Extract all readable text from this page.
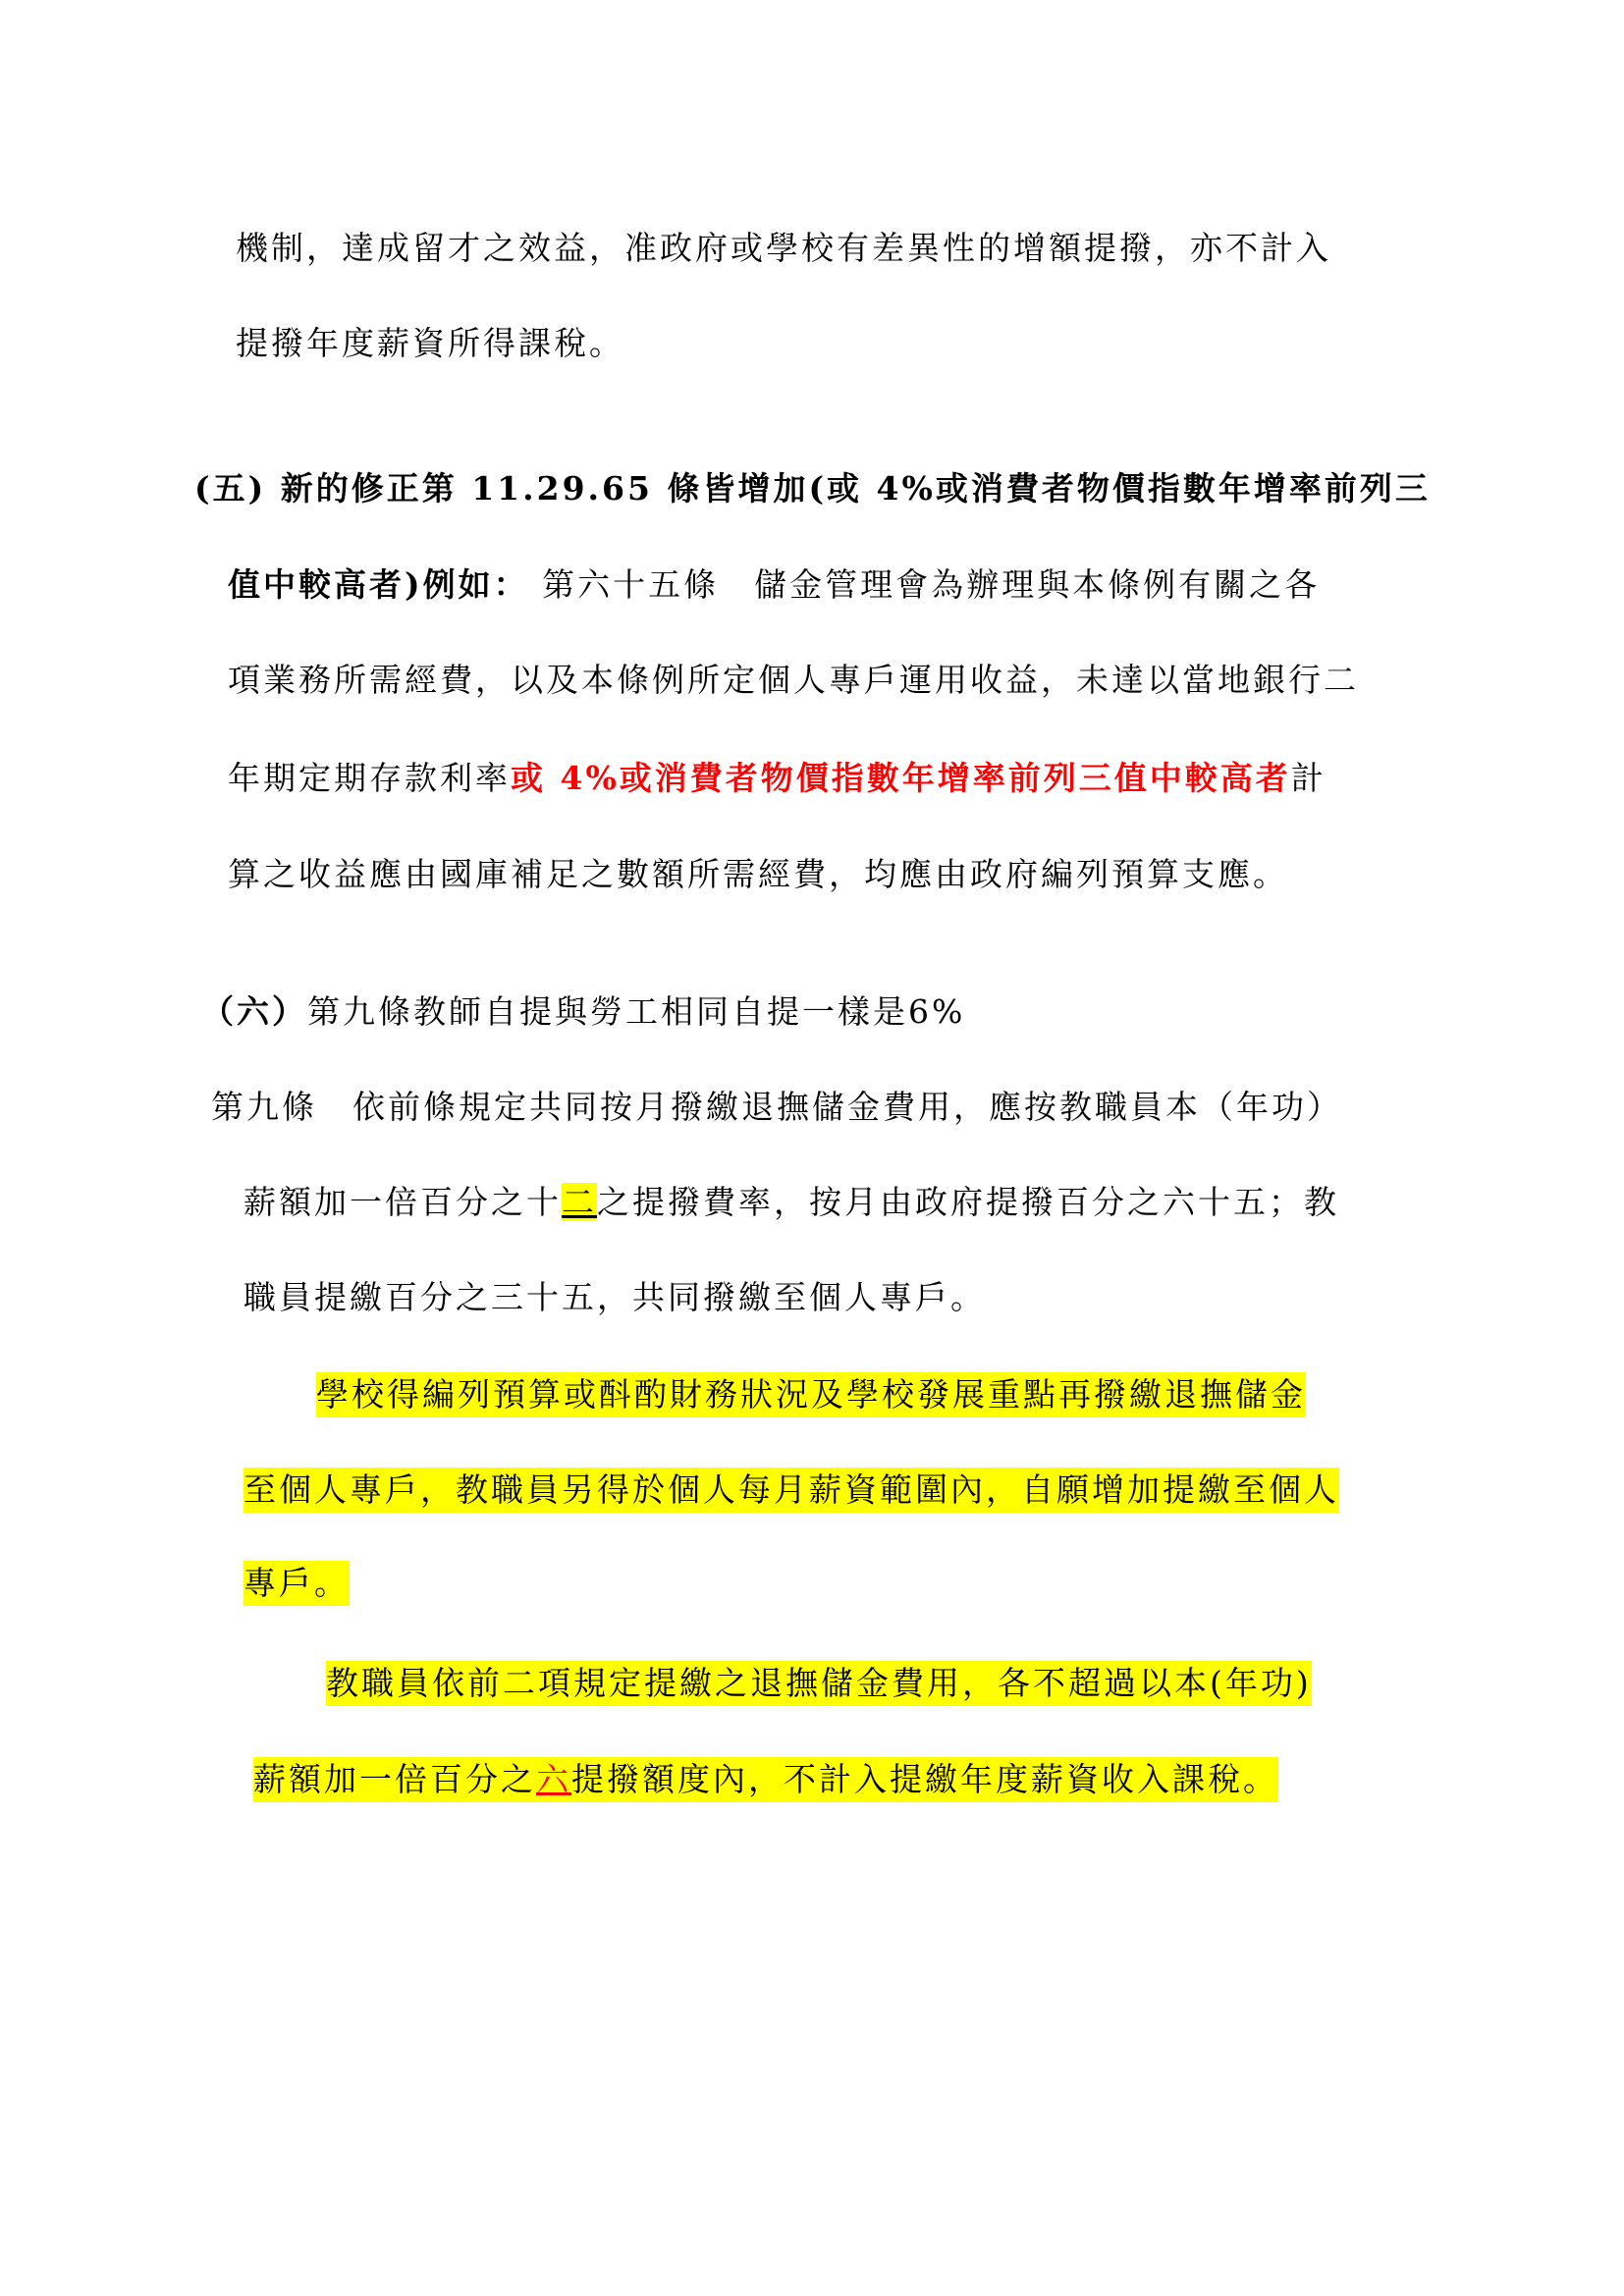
機制，達成留才之效益，准政府或學校有差異性的增額提撥，亦不計入
提撥年度薪資所得課稅。
(五) 新的修正第 11.29.65 條皆增加(或 4%或消費者物價指數年增率前列三
值中較高者)例如： 第六十五條　儲金管理會為辦理與本條例有關之各
項業務所需經費，以及本條例所定個人專戶運用收益，未達以當地銀行二
年期定期存款利率或 4%或消費者物價指數年增率前列三值中較高者計
算之收益應由國庫補足之數額所需經費，均應由政府編列預算支應。
（六）第九條教師自提與勞工相同自提一樣是6%
第九條　依前條規定共同按月撥繳退撫儲金費用，應按教職員本（年功）
薪額加一倍百分之十二之提撥費率，按月由政府提撥百分之六十五；教
職員提繳百分之三十五，共同撥繳至個人專戶。
學校得編列預算或酙酌財務狀況及學校發展重點再撥繳退撫儲金
至個人專戶，教職員另得於個人每月薪資範圍內，自願增加提繳至個人
專戶。
教職員依前二項規定提繳之退撫儲金費用，各不超過以本(年功)
薪額加一倍百分之六提撥額度內，不計入提繳年度薪資收入課稅。
